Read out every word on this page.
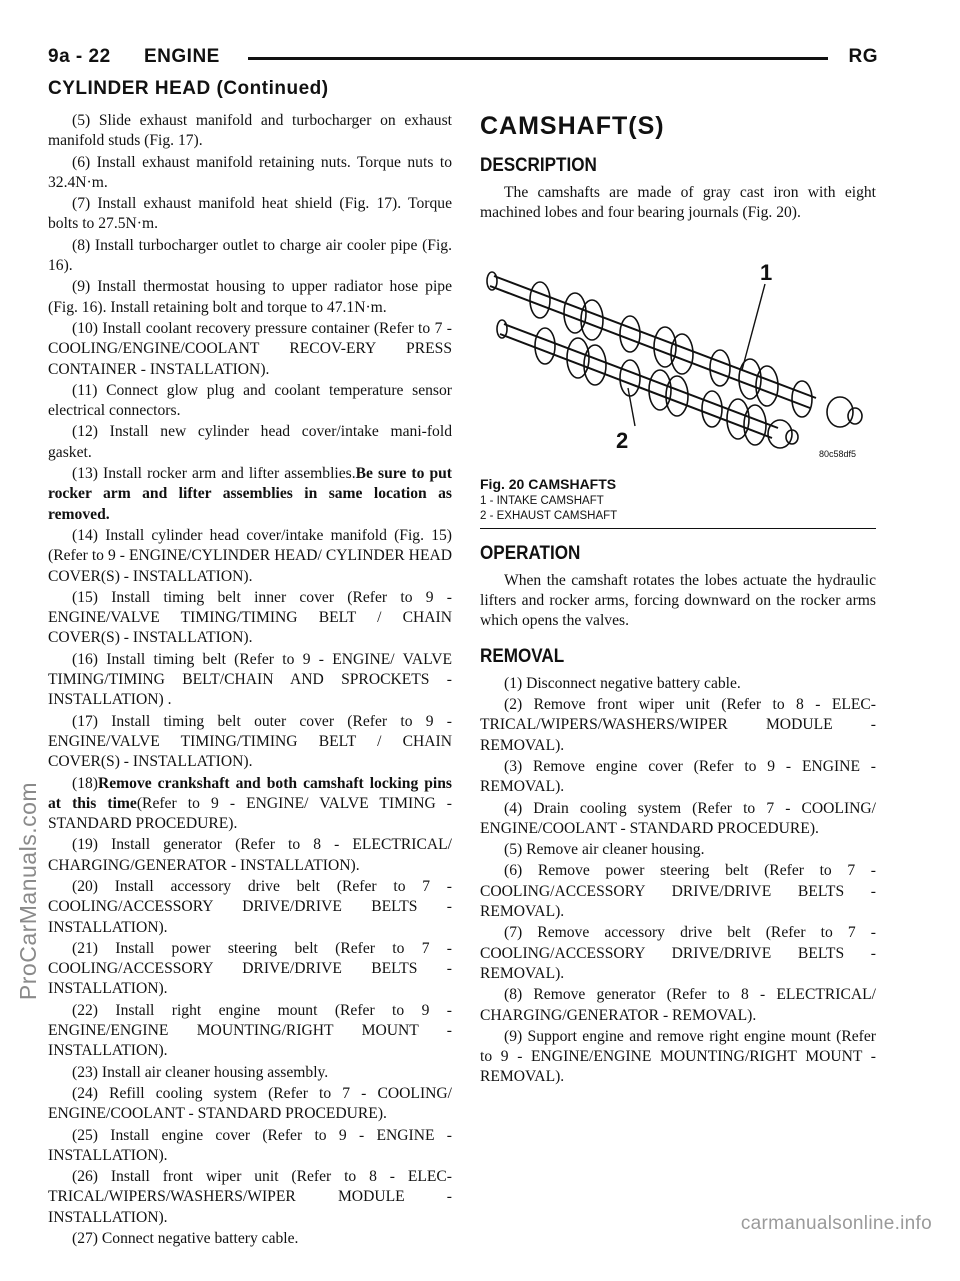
9a - 22 ENGINE	RG
CYLINDER HEAD (Continued)

(5) Slide exhaust manifold and turbocharger on exhaust manifold studs (Fig. 17).

(6) Install exhaust manifold retaining nuts. Torque nuts to 32.4N·m.

(7) Install exhaust manifold heat shield (Fig. 17). Torque bolts to 27.5N·m.

(8) Install turbocharger outlet to charge air cooler pipe (Fig. 16).

(9) Install thermostat housing to upper radiator hose pipe (Fig. 16). Install retaining bolt and torque to 47.1N·m.

(10) Install coolant recovery pressure container (Refer to 7 - COOLING/ENGINE/COOLANT RECOV-ERY PRESS CONTAINER - INSTALLATION).

(11) Connect glow plug and coolant temperature sensor electrical connectors.

(12) Install new cylinder head cover/intake mani-fold gasket.

(13) Install rocker arm and lifter assemblies.Be sure to put rocker arm and lifter assemblies in same location as removed.

(14) Install cylinder head cover/intake manifold (Fig. 15)(Refer to 9 - ENGINE/CYLINDER HEAD/ CYLINDER HEAD COVER(S) - INSTALLATION).

(15) Install timing belt inner cover (Refer to 9 - ENGINE/VALVE TIMING/TIMING BELT / CHAIN COVER(S) - INSTALLATION).

(16) Install timing belt (Refer to 9 - ENGINE/ VALVE TIMING/TIMING BELT/CHAIN AND SPROCKETS - INSTALLATION) .

(17) Install timing belt outer cover (Refer to 9 - ENGINE/VALVE TIMING/TIMING BELT / CHAIN COVER(S) - INSTALLATION).

(18)Remove crankshaft and both camshaft locking pins at this time(Refer to 9 - ENGINE/ VALVE TIMING - STANDARD PROCEDURE).

(19) Install generator (Refer to 8 - ELECTRICAL/ CHARGING/GENERATOR - INSTALLATION).

(20) Install accessory drive belt (Refer to 7 - COOLING/ACCESSORY DRIVE/DRIVE BELTS - INSTALLATION).

(21) Install power steering belt (Refer to 7 - COOLING/ACCESSORY DRIVE/DRIVE BELTS - INSTALLATION).

(22) Install right engine mount (Refer to 9 - ENGINE/ENGINE MOUNTING/RIGHT MOUNT - INSTALLATION).

(23) Install air cleaner housing assembly.

(24) Refill cooling system (Refer to 7 - COOLING/ ENGINE/COOLANT - STANDARD PROCEDURE).

(25) Install engine cover (Refer to 9 - ENGINE - INSTALLATION).

(26) Install front wiper unit (Refer to 8 - ELEC-TRICAL/WIPERS/WASHERS/WIPER MODULE - INSTALLATION).

(27) Connect negative battery cable.

CAMSHAFT(S)
DESCRIPTION

The camshafts are made of gray cast iron with eight machined lobes and four bearing journals (Fig. 20).

1
2
80c58df5
Fig. 20 CAMSHAFTS
1 - INTAKE CAMSHAFT
2 - EXHAUST CAMSHAFT
OPERATION

When the camshaft rotates the lobes actuate the hydraulic lifters and rocker arms, forcing downward on the rocker arms which opens the valves.

REMOVAL

(1) Disconnect negative battery cable.

(2) Remove front wiper unit (Refer to 8 - ELEC-TRICAL/WIPERS/WASHERS/WIPER MODULE - REMOVAL).

(3) Remove engine cover (Refer to 9 - ENGINE - REMOVAL).

(4) Drain cooling system (Refer to 7 - COOLING/ ENGINE/COOLANT - STANDARD PROCEDURE).

(5) Remove air cleaner housing.

(6) Remove power steering belt (Refer to 7 - COOLING/ACCESSORY DRIVE/DRIVE BELTS - REMOVAL).

(7) Remove accessory drive belt (Refer to 7 - COOLING/ACCESSORY DRIVE/DRIVE BELTS - REMOVAL).

(8) Remove generator (Refer to 8 - ELECTRICAL/ CHARGING/GENERATOR - REMOVAL).

(9) Support engine and remove right engine mount (Refer to 9 - ENGINE/ENGINE MOUNTING/RIGHT MOUNT - REMOVAL).

ProCarManuals.com
carmanualsonline.info
